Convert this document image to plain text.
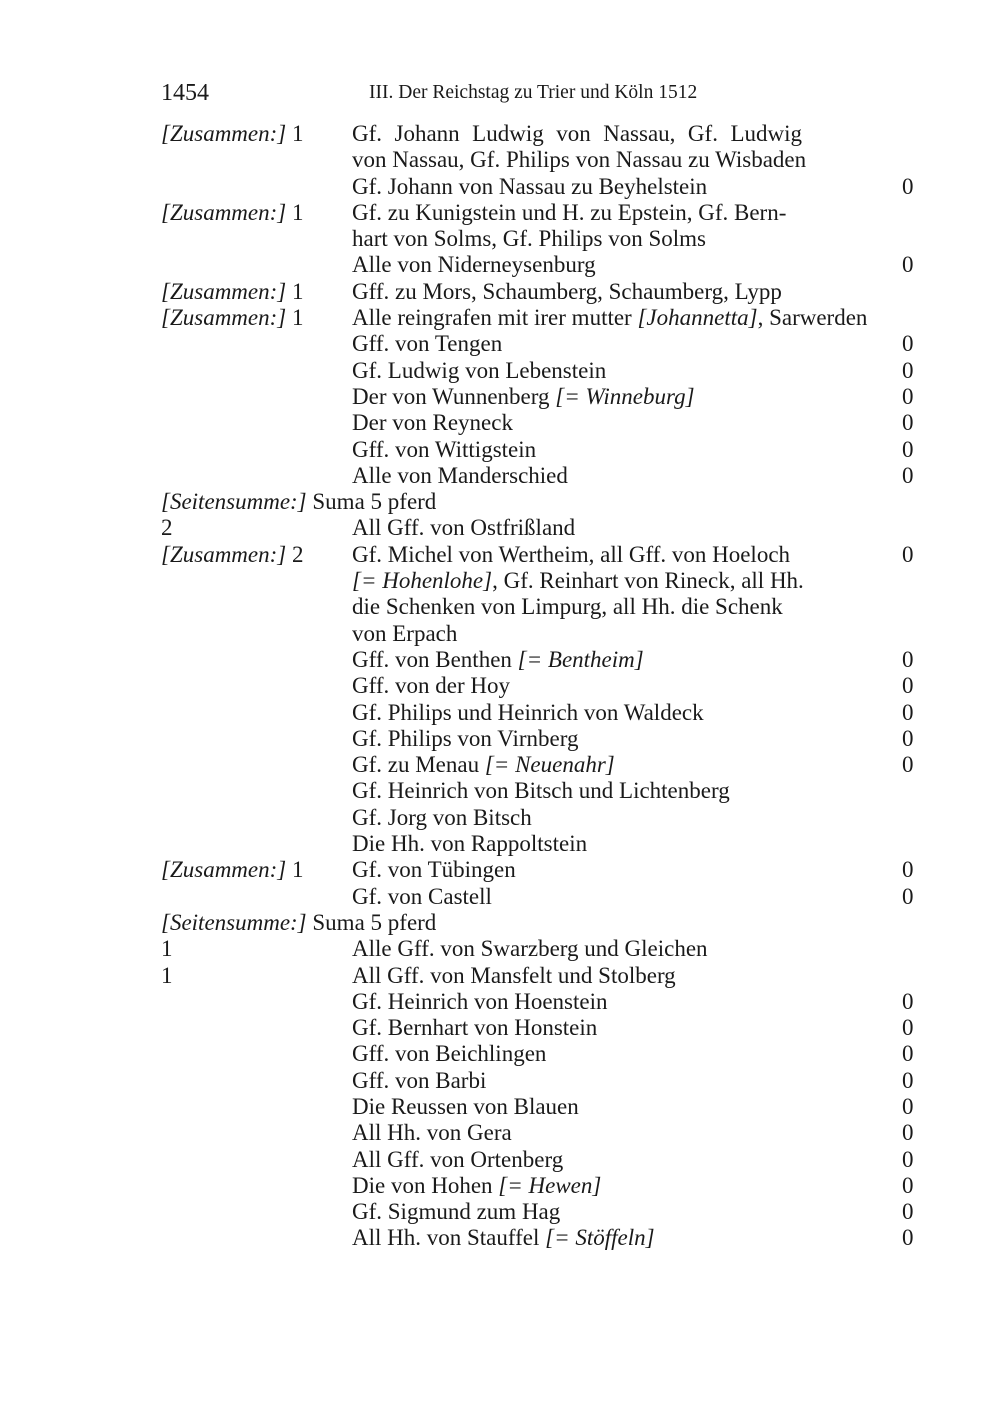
1454	III. Der Reichstag zu Trier und Köln 1512
[Zusammen:] 1 Gf. Johann Ludwig von Nassau, Gf. Ludwig
von Nassau, Gf. Philips von Nassau zu Wisbaden
Gf. Johann von Nassau zu Beyhelstein	0
[Zusammen:] 1 Gf. zu Kunigstein und H. zu Epstein, Gf. Bern-
hart von Solms, Gf. Philips von Solms
Alle von Niderneysenburg	0
[Zusammen:] 1 Gff. zu Mors, Schaumberg, Schaumberg, Lypp
[Zusammen:] 1 Alle reingrafen mit irer mutter [Johannetta], Sarwerden
Gff. von Tengen	0
Gf. Ludwig von Lebenstein	0
Der von Wunnenberg [= Winneburg]	0
Der von Reyneck	0
Gff. von Wittigstein	0
Alle von Manderschied	0
[Seitensumme:] Suma 5 pferd
2	All Gff. von Ostfrißland
[Zusammen:] 2 Gf. Michel von Wertheim, all Gff. von Hoeloch	0
[= Hohenlohe], Gf. Reinhart von Rineck, all Hh.
die Schenken von Limpurg, all Hh. die Schenk
von Erpach
Gff. von Benthen [= Bentheim]	0
Gff. von der Hoy	0
Gf. Philips und Heinrich von Waldeck	0
Gf. Philips von Virnberg	0
Gf. zu Menau [= Neuenahr]	0
Gf. Heinrich von Bitsch und Lichtenberg
Gf. Jorg von Bitsch
Die Hh. von Rappoltstein
[Zusammen:] 1 Gf. von Tübingen	0
Gf. von Castell	0
[Seitensumme:] Suma 5 pferd
1	Alle Gff. von Swarzberg und Gleichen
1	All Gff. von Mansfelt und Stolberg
Gf. Heinrich von Hoenstein	0
Gf. Bernhart von Honstein	0
Gff. von Beichlingen	0
Gff. von Barbi	0
Die Reussen von Blauen	0
All Hh. von Gera	0
All Gff. von Ortenberg	0
Die von Hohen [= Hewen]	0
Gf. Sigmund zum Hag	0
All Hh. von Stauffel [= Stöffeln]	0
